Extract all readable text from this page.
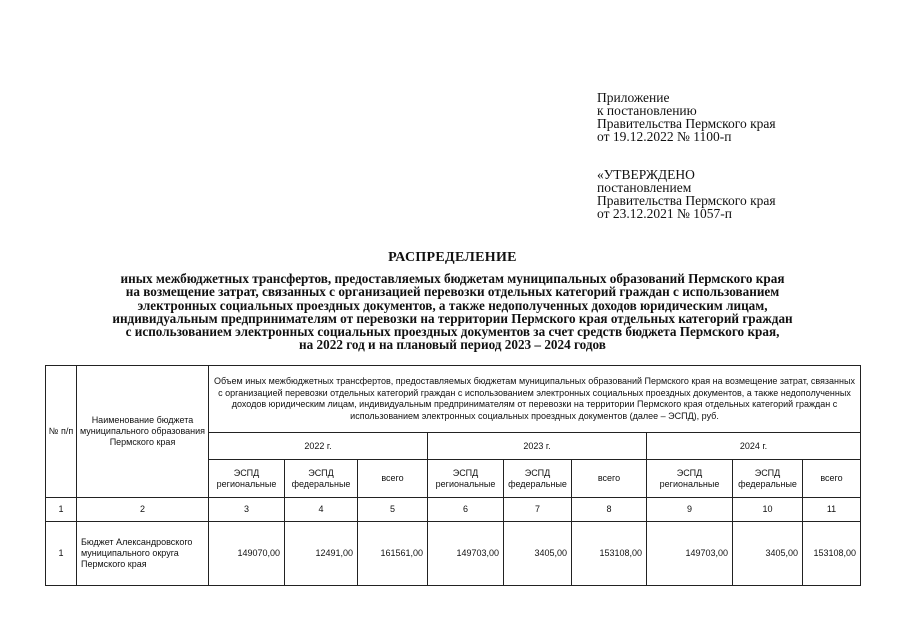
Приложение
к постановлению
Правительства Пермского края
от 19.12.2022 № 1100-п
«УТВЕРЖДЕНО
постановлением
Правительства Пермского края
от 23.12.2021 № 1057-п
РАСПРЕДЕЛЕНИЕ
иных межбюджетных трансфертов, предоставляемых бюджетам муниципальных образований Пермского края
на возмещение затрат, связанных с организацией перевозки отдельных категорий граждан с использованием
электронных социальных проездных документов, а также недополученных доходов юридическим лицам,
индивидуальным предпринимателям от перевозки на территории Пермского края отдельных категорий граждан
с использованием электронных социальных проездных документов за счет средств бюджета Пермского края,
на 2022 год и на плановый период 2023 – 2024 годов
№ п/п	Наименование бюджета муниципального образования Пермского края	Объем иных межбюджетных трансфертов, предоставляемых бюджетам муниципальных образований Пермского края на возмещение затрат, связанных с организацией перевозки отдельных категорий граждан с использованием электронных социальных проездных документов, а также недополученных доходов юридическим лицам, индивидуальным предпринимателям от перевозки на территории Пермского края отдельных категорий граждан с использованием электронных социальных проездных документов (далее – ЭСПД), руб.								
		2022 г.			2023 г.			2024 г.		
		ЭСПД региональные	ЭСПД федеральные	всего	ЭСПД региональные	ЭСПД федеральные	всего	ЭСПД региональные	ЭСПД федеральные	всего
1	2	3	4	5	6	7	8	9	10	11
1	Бюджет Александровского муниципального округа Пермского края	149070,00	12491,00	161561,00	149703,00	3405,00	153108,00	149703,00	3405,00	153108,00
